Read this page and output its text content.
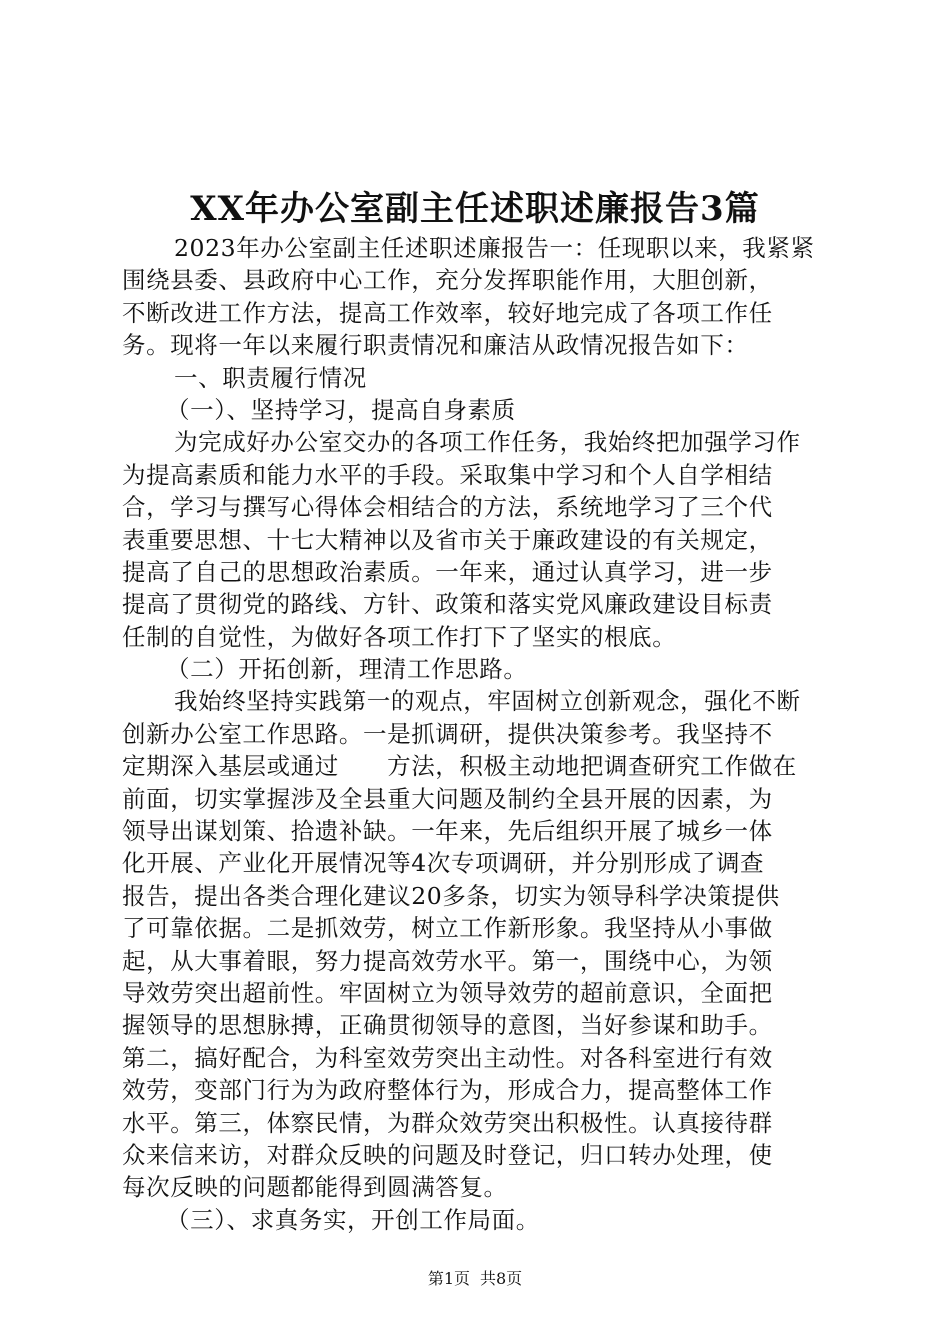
XX年办公室副主任述职述廉报告3篇
2023年办公室副主任述职述廉报告一：任现职以来，我紧紧
围绕县委、县政府中心工作，充分发挥职能作用，大胆创新，
不断改进工作方法，提高工作效率，较好地完成了各项工作任
务。现将一年以来履行职责情况和廉洁从政情况报告如下：
一、职责履行情况
（一）、坚持学习，提高自身素质
为完成好办公室交办的各项工作任务，我始终把加强学习作
为提高素质和能力水平的手段。采取集中学习和个人自学相结
合，学习与撰写心得体会相结合的方法，系统地学习了三个代
表重要思想、十七大精神以及省市关于廉政建设的有关规定，
提高了自己的思想政治素质。一年来，通过认真学习，进一步
提高了贯彻党的路线、方针、政策和落实党风廉政建设目标责
任制的自觉性，为做好各项工作打下了坚实的根底。
（二）开拓创新，理清工作思路。
我始终坚持实践第一的观点，牢固树立创新观念，强化不断
创新办公室工作思路。一是抓调研，提供决策参考。我坚持不
定期深入基层或通过　　方法，积极主动地把调查研究工作做在
前面，切实掌握涉及全县重大问题及制约全县开展的因素，为
领导出谋划策、拾遗补缺。一年来，先后组织开展了城乡一体
化开展、产业化开展情况等4次专项调研，并分别形成了调查
报告，提出各类合理化建议20多条，切实为领导科学决策提供
了可靠依据。二是抓效劳，树立工作新形象。我坚持从小事做
起，从大事着眼，努力提高效劳水平。第一，围绕中心，为领
导效劳突出超前性。牢固树立为领导效劳的超前意识，全面把
握领导的思想脉搏，正确贯彻领导的意图，当好参谋和助手。
第二，搞好配合，为科室效劳突出主动性。对各科室进行有效
效劳，变部门行为为政府整体行为，形成合力，提高整体工作
水平。第三，体察民情，为群众效劳突出积极性。认真接待群
众来信来访，对群众反映的问题及时登记，归口转办处理，使
每次反映的问题都能得到圆满答复。
（三）、求真务实，开创工作局面。
第1页 共8页
